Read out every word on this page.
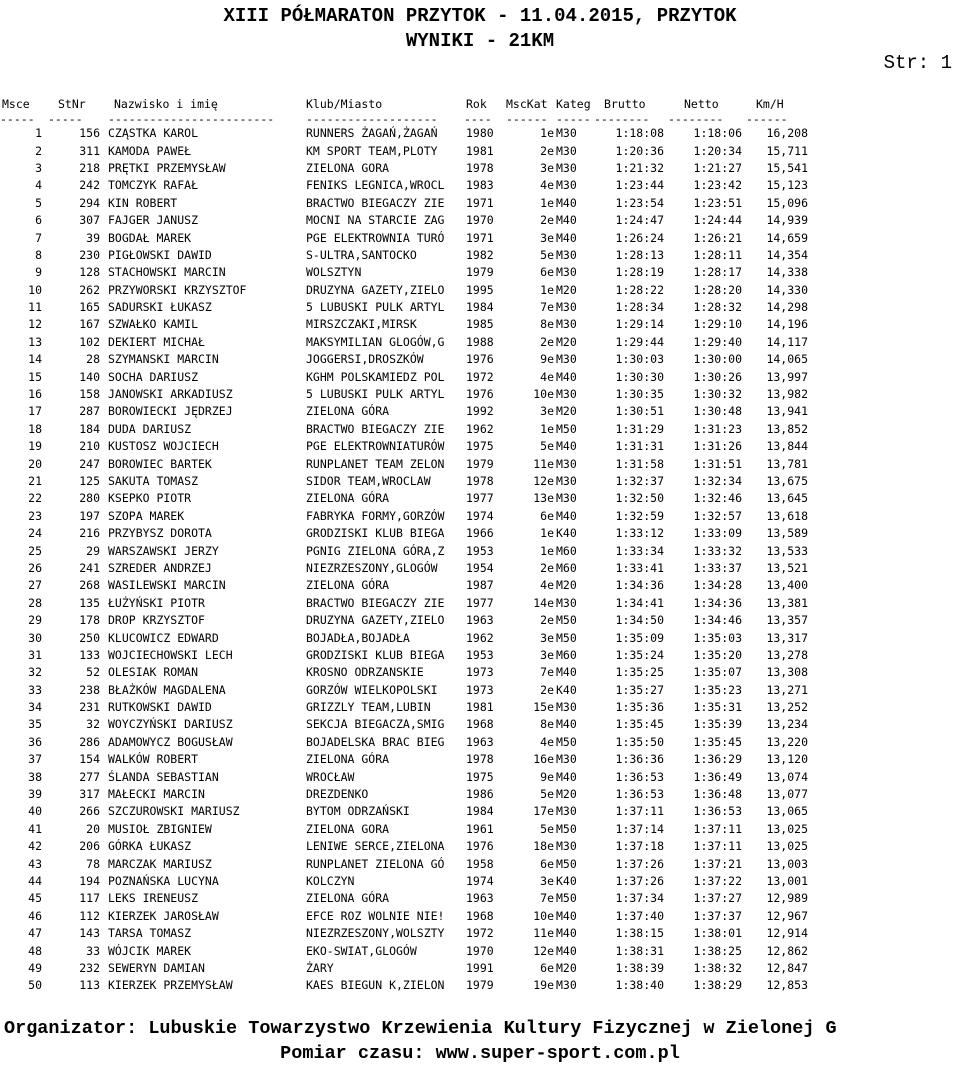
XIII PÓŁMARATON PRZYTOK - 11.04.2015, PRZYTOK
WYNIKI - 21KM
Str: 1
Msce	StNr	Nazwisko i imię	Klub/Miasto	Rok	MscKat	Kateg	Brutto	Netto	Km/H
-----	-----	------------------------	-------------------	----	------	-----	--------	--------	------
1	156	CZĄSTKA KAROL	RUNNERS ŻAGAŃ,ŻAGAŃ	1980	1e	M30	1:18:08	1:18:06	16,208
2	311	KAMODA PAWEŁ	KM SPORT TEAM,PLOTY	1981	2e	M30	1:20:36	1:20:34	15,711
3	218	PRĘTKI PRZEMYSŁAW	ZIELONA GORA	1978	3e	M30	1:21:32	1:21:27	15,541
4	242	TOMCZYK RAFAŁ	FENIKS LEGNICA,WROCL	1983	4e	M30	1:23:44	1:23:42	15,123
5	294	KIN ROBERT	BRACTWO BIEGACZY ZIE	1971	1e	M40	1:23:54	1:23:51	15,096
6	307	FAJGER JANUSZ	MOCNI NA STARCIE ZAG	1970	2e	M40	1:24:47	1:24:44	14,939
7	39	BOGDAŁ MAREK	PGE ELEKTROWNIA TURÓ	1971	3e	M40	1:26:24	1:26:21	14,659
8	230	PIGŁOWSKI DAWID	S-ULTRA,SANTOCKO	1982	5e	M30	1:28:13	1:28:11	14,354
9	128	STACHOWSKI MARCIN	WOLSZTYN	1979	6e	M30	1:28:19	1:28:17	14,338
10	262	PRZYWORSKI KRZYSZTOF	DRUZYNA GAZETY,ZIELO	1995	1e	M20	1:28:22	1:28:20	14,330
11	165	SADURSKI ŁUKASZ	5 LUBUSKI PULK ARTYL	1984	7e	M30	1:28:34	1:28:32	14,298
12	167	SZWAŁKO KAMIL	MIRSZCZAKI,MIRSK	1985	8e	M30	1:29:14	1:29:10	14,196
13	102	DEKIERT MICHAŁ	MAKSYMILIAN GLOGÓW,G	1988	2e	M20	1:29:44	1:29:40	14,117
14	28	SZYMANSKI MARCIN	JOGGERSI,DROSZKÓW	1976	9e	M30	1:30:03	1:30:00	14,065
15	140	SOCHA DARIUSZ	KGHM POLSKAMIEDZ POL	1972	4e	M40	1:30:30	1:30:26	13,997
16	158	JANOWSKI ARKADIUSZ	5 LUBUSKI PULK ARTYL	1976	10e	M30	1:30:35	1:30:32	13,982
17	287	BOROWIECKI JĘDRZEJ	ZIELONA GÓRA	1992	3e	M20	1:30:51	1:30:48	13,941
18	184	DUDA DARIUSZ	BRACTWO BIEGACZY ZIE	1962	1e	M50	1:31:29	1:31:23	13,852
19	210	KUSTOSZ WOJCIECH	PGE ELEKTROWNIATURÓW	1975	5e	M40	1:31:31	1:31:26	13,844
20	247	BOROWIEC BARTEK	RUNPLANET TEAM ZELON	1979	11e	M30	1:31:58	1:31:51	13,781
21	125	SAKUTA TOMASZ	SIDOR TEAM,WROCLAW	1978	12e	M30	1:32:37	1:32:34	13,675
22	280	KSEPKO PIOTR	ZIELONA GÓRA	1977	13e	M30	1:32:50	1:32:46	13,645
23	197	SZOPA MAREK	FABRYKA FORMY,GORZÓW	1974	6e	M40	1:32:59	1:32:57	13,618
24	216	PRZYBYSZ DOROTA	GRODZISKI KLUB BIEGA	1966	1e	K40	1:33:12	1:33:09	13,589
25	29	WARSZAWSKI JERZY	PGNIG ZIELONA GÓRA,Z	1953	1e	M60	1:33:34	1:33:32	13,533
26	241	SZREDER ANDRZEJ	NIEZRZESZONY,GLOGÓW	1954	2e	M60	1:33:41	1:33:37	13,521
27	268	WASILEWSKI MARCIN	ZIELONA GÓRA	1987	4e	M20	1:34:36	1:34:28	13,400
28	135	ŁUŻYŃSKI PIOTR	BRACTWO BIEGACZY ZIE	1977	14e	M30	1:34:41	1:34:36	13,381
29	178	DROP KRZYSZTOF	DRUZYNA GAZETY,ZIELO	1963	2e	M50	1:34:50	1:34:46	13,357
30	250	KLUCOWICZ EDWARD	BOJADŁA,BOJADŁA	1962	3e	M50	1:35:09	1:35:03	13,317
31	133	WOJCIECHOWSKI LECH	GRODZISKI KLUB BIEGA	1953	3e	M60	1:35:24	1:35:20	13,278
32	52	OLESIAK ROMAN	KROSNO ODRZANSKIE	1973	7e	M40	1:35:25	1:35:07	13,308
33	238	BŁAŻKÓW MAGDALENA	GORZÓW WIELKOPOLSKI	1973	2e	K40	1:35:27	1:35:23	13,271
34	231	RUTKOWSKI DAWID	GRIZZLY TEAM,LUBIN	1981	15e	M30	1:35:36	1:35:31	13,252
35	32	WOYCZYŃSKI DARIUSZ	SEKCJA BIEGACZA,SMIG	1968	8e	M40	1:35:45	1:35:39	13,234
36	286	ADAMOWYCZ BOGUSŁAW	BOJADELSKA BRAC BIEG	1963	4e	M50	1:35:50	1:35:45	13,220
37	154	WALKÓW ROBERT	ZIELONA GÓRA	1978	16e	M30	1:36:36	1:36:29	13,120
38	277	ŚLANDA SEBASTIAN	WROCŁAW	1975	9e	M40	1:36:53	1:36:49	13,074
39	317	MAŁECKI MARCIN	DREZDENKO	1986	5e	M20	1:36:53	1:36:48	13,077
40	266	SZCZUROWSKI MARIUSZ	BYTOM ODRZAŃSKI	1984	17e	M30	1:37:11	1:36:53	13,065
41	20	MUSIOŁ ZBIGNIEW	ZIELONA GORA	1961	5e	M50	1:37:14	1:37:11	13,025
42	206	GÓRKA ŁUKASZ	LENIWE SERCE,ZIELONA	1976	18e	M30	1:37:18	1:37:11	13,025
43	78	MARCZAK MARIUSZ	RUNPLANET ZIELONA GÓ	1958	6e	M50	1:37:26	1:37:21	13,003
44	194	POZNAŃSKA LUCYNA	KOLCZYN	1974	3e	K40	1:37:26	1:37:22	13,001
45	117	LEKS IRENEUSZ	ZIELONA GÓRA	1963	7e	M50	1:37:34	1:37:27	12,989
46	112	KIERZEK JAROSŁAW	EFCE ROZ WOLNIE NIE!	1968	10e	M40	1:37:40	1:37:37	12,967
47	143	TARSA TOMASZ	NIEZRZESZONY,WOLSZTY	1972	11e	M40	1:38:15	1:38:01	12,914
48	33	WÓJCIK MAREK	EKO-SWIAT,GLOGÓW	1970	12e	M40	1:38:31	1:38:25	12,862
49	232	SEWERYN DAMIAN	ŻARY	1991	6e	M20	1:38:39	1:38:32	12,847
50	113	KIERZEK PRZEMYSŁAW	KAES BIEGUN K,ZIELON	1979	19e	M30	1:38:40	1:38:29	12,853
Organizator: Lubuskie Towarzystwo Krzewienia Kultury Fizycznej w Zielonej G
Pomiar czasu: www.super-sport.com.pl
